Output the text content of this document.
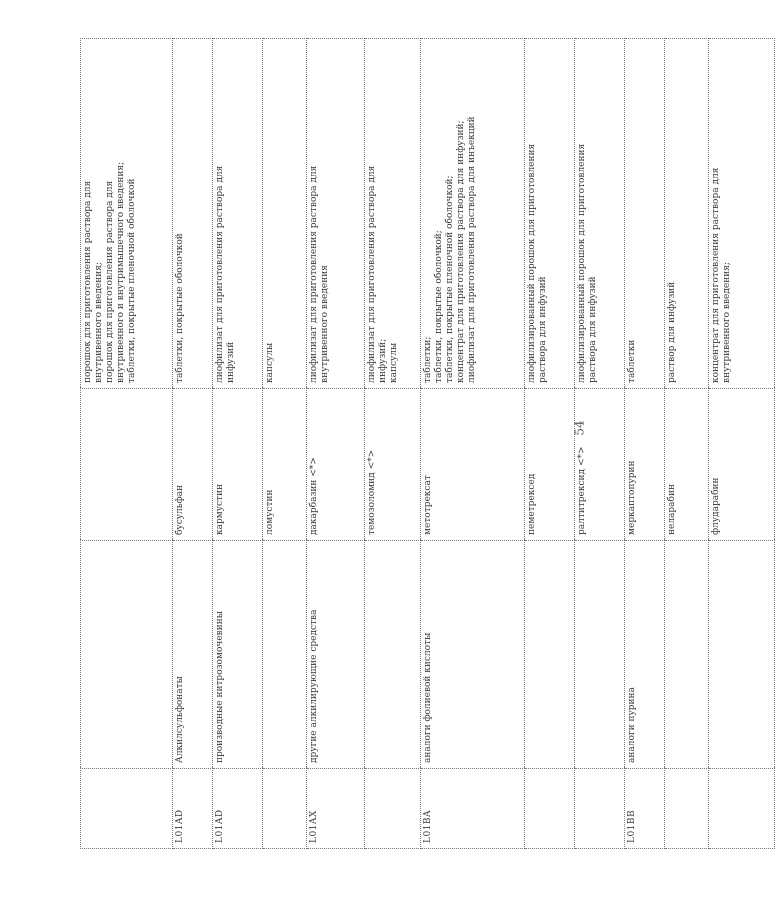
			порошок для приготовления раствора для внутривенного введения; порошок для приготовления раствора для внутривенного и внутримышечного введения; таблетки, покрытые пленочной оболочкой

L01AD	Алкилсульфонаты	бусульфан	таблетки, покрытые оболочкой

L01AD	производные нитрозомочевины	кармустин	лиофилизат для приготовления раствора для инфузий

		ломустин	капсулы

L01AX	другие алкилирующие средства	дакарбазин <*>	лиофилизат для приготовления раствора для внутривенного введения

		темозоломид <*>	лиофилизат для приготовления раствора для инфузий; капсулы

L01BA	аналоги фолиевой кислоты	метотрексат	таблетки; таблетки, покрытые оболочкой; таблетки, покрытые пленочной оболочкой; концентрат для приготовления раствора для инфузий; лиофилизат для приготовления раствора для инъекций

		пеметрексед	лиофилизированный порошок для приготовления раствора для инфузий

		ралтитрексид <*>	лиофилизированный порошок для приготовления раствора для инфузий

L01BB	аналоги пурина	меркаптопурин	таблетки

		неларабин	раствор для инфузий

		флударабин	концентрат для приготовления раствора для внутривенного введения;
54
